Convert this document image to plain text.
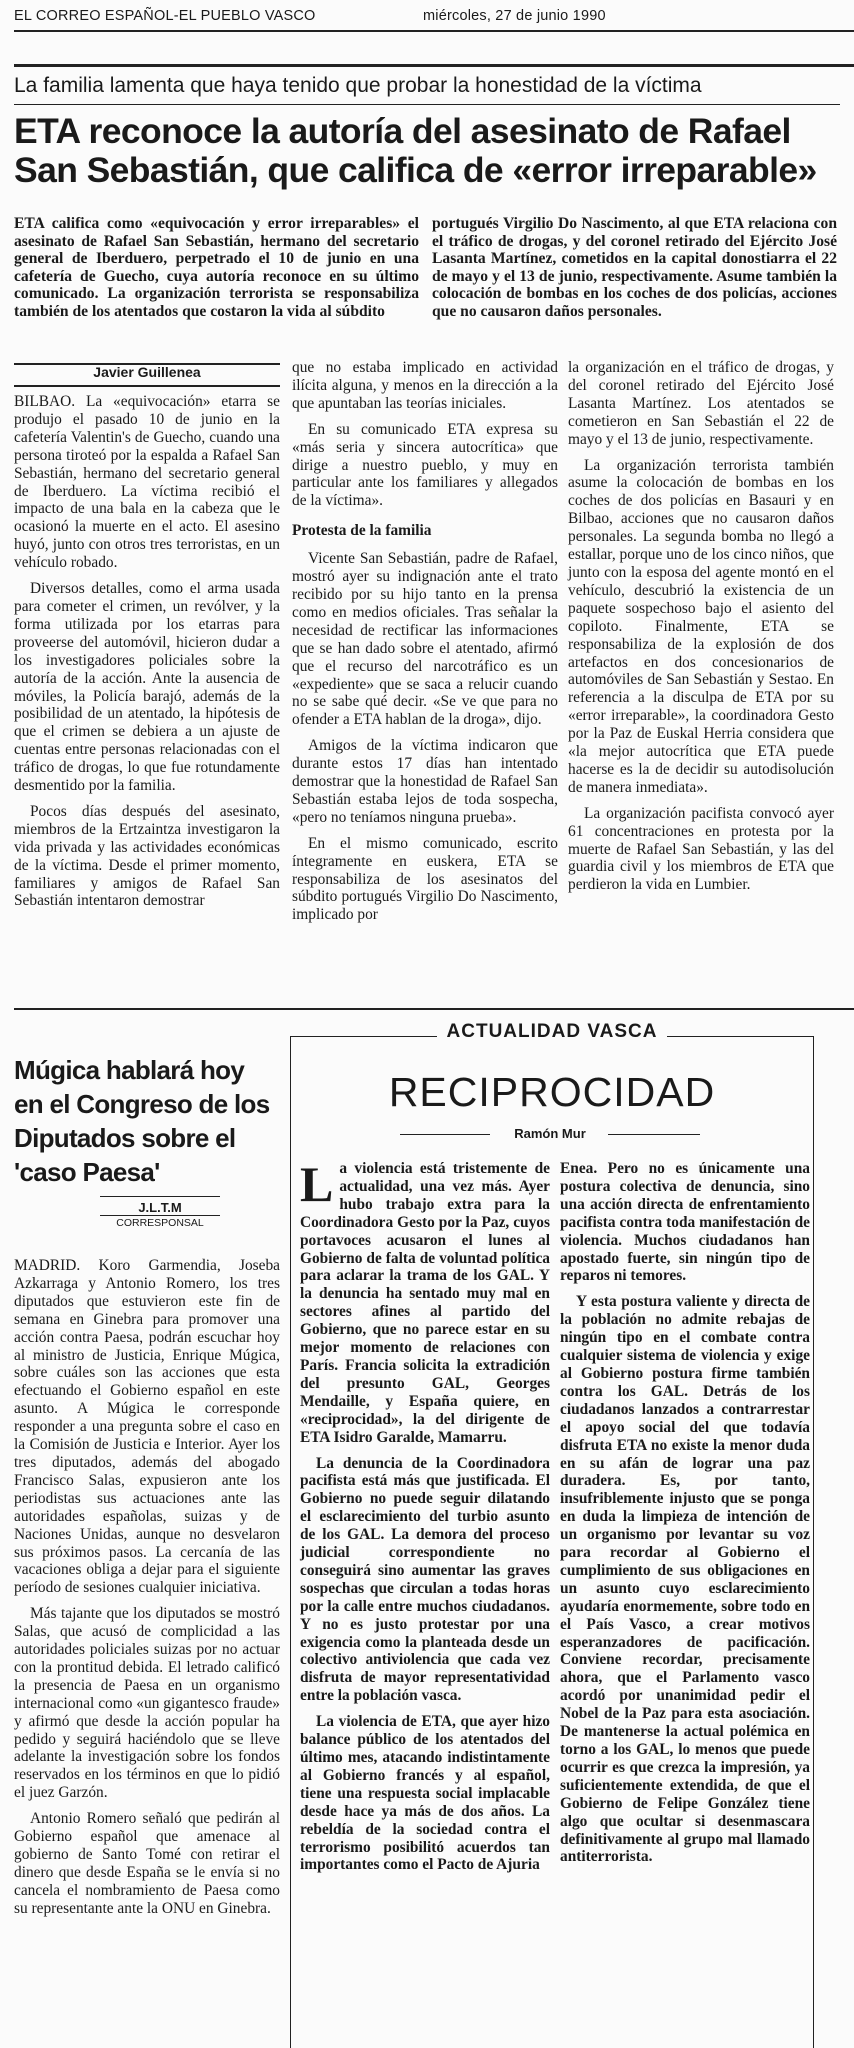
EL CORREO ESPAÑOL-EL PUEBLO VASCO	miércoles, 27 de junio 1990
La familia lamenta que haya tenido que probar la honestidad de la víctima
ETA reconoce la autoría del asesinato de Rafael San Sebastián, que califica de «error irreparable»
ETA califica como «equivocación y error irreparables» el asesinato de Rafael San Sebastián, hermano del secretario general de Iberduero, perpetrado el 10 de junio en una cafetería de Guecho, cuya autoría reconoce en su último comunicado. La organización terrorista se responsabiliza también de los atentados que costaron la vida al súbdito
portugués Virgilio Do Nascimento, al que ETA relaciona con el tráfico de drogas, y del coronel retirado del Ejército José Lasanta Martínez, cometidos en la capital donostiarra el 22 de mayo y el 13 de junio, respectivamente. Asume también la colocación de bombas en los coches de dos policías, acciones que no causaron daños personales.
Javier Guillenea

BILBAO. La «equivocación» etarra se produjo el pasado 10 de junio en la cafetería Valentin's de Guecho, cuando una persona tiroteó por la espalda a Rafael San Sebastián, hermano del secretario general de Iberduero. La víctima recibió el impacto de una bala en la cabeza que le ocasionó la muerte en el acto. El asesino huyó, junto con otros tres terroristas, en un vehículo robado.

Diversos detalles, como el arma usada para cometer el crimen, un revólver, y la forma utilizada por los etarras para proveerse del automóvil, hicieron dudar a los investigadores policiales sobre la autoría de la acción. Ante la ausencia de móviles, la Policía barajó, además de la posibilidad de un atentado, la hipótesis de que el crimen se debiera a un ajuste de cuentas entre personas relacionadas con el tráfico de drogas, lo que fue rotundamente desmentido por la familia.

Pocos días después del asesinato, miembros de la Ertzaintza investigaron la vida privada y las actividades económicas de la víctima. Desde el primer momento, familiares y amigos de Rafael San Sebastián intentaron demostrar

que no estaba implicado en actividad ilícita alguna, y menos en la dirección a la que apuntaban las teorías iniciales.

En su comunicado ETA expresa su «más seria y sincera autocrítica» que dirige a nuestro pueblo, y muy en particular ante los familiares y allegados de la víctima».

Protesta de la familia

Vicente San Sebastián, padre de Rafael, mostró ayer su indignación ante el trato recibido por su hijo tanto en la prensa como en medios oficiales. Tras señalar la necesidad de rectificar las informaciones que se han dado sobre el atentado, afirmó que el recurso del narcotráfico es un «expediente» que se saca a relucir cuando no se sabe qué decir. «Se ve que para no ofender a ETA hablan de la droga», dijo.

Amigos de la víctima indicaron que durante estos 17 días han intentado demostrar que la honestidad de Rafael San Sebastián estaba lejos de toda sospecha, «pero no teníamos ninguna prueba».

En el mismo comunicado, escrito íntegramente en euskera, ETA se responsabiliza de los asesinatos del súbdito portugués Virgilio Do Nascimento, implicado por

la organización en el tráfico de drogas, y del coronel retirado del Ejército José Lasanta Martínez. Los atentados se cometieron en San Sebastián el 22 de mayo y el 13 de junio, respectivamente.

La organización terrorista también asume la colocación de bombas en los coches de dos policías en Basauri y en Bilbao, acciones que no causaron daños personales. La segunda bomba no llegó a estallar, porque uno de los cinco niños, que junto con la esposa del agente montó en el vehículo, descubrió la existencia de un paquete sospechoso bajo el asiento del copiloto. Finalmente, ETA se responsabiliza de la explosión de dos artefactos en dos concesionarios de automóviles de San Sebastián y Sestao. En referencia a la disculpa de ETA por su «error irreparable», la coordinadora Gesto por la Paz de Euskal Herria considera que «la mejor autocrítica que ETA puede hacerse es la de decidir su autodisolución de manera inmediata».

La organización pacifista convocó ayer 61 concentraciones en protesta por la muerte de Rafael San Sebastián, y las del guardia civil y los miembros de ETA que perdieron la vida en Lumbier.

Múgica hablará hoy en el Congreso de los Diputados sobre el 'caso Paesa'
J.L.T.M
CORRESPONSAL

MADRID. Koro Garmendia, Joseba Azkarraga y Antonio Romero, los tres diputados que estuvieron este fin de semana en Ginebra para promover una acción contra Paesa, podrán escuchar hoy al ministro de Justicia, Enrique Múgica, sobre cuáles son las acciones que esta efectuando el Gobierno español en este asunto. A Múgica le corresponde responder a una pregunta sobre el caso en la Comisión de Justicia e Interior. Ayer los tres diputados, además del abogado Francisco Salas, expusieron ante los periodistas sus actuaciones ante las autoridades españolas, suizas y de Naciones Unidas, aunque no desvelaron sus próximos pasos. La cercanía de las vacaciones obliga a dejar para el siguiente período de sesiones cualquier iniciativa.

Más tajante que los diputados se mostró Salas, que acusó de complicidad a las autoridades policiales suizas por no actuar con la prontitud debida. El letrado calificó la presencia de Paesa en un organismo internacional como «un gigantesco fraude» y afirmó que desde la acción popular ha pedido y seguirá haciéndolo que se lleve adelante la investigación sobre los fondos reservados en los términos en que lo pidió el juez Garzón.

Antonio Romero señaló que pedirán al Gobierno español que amenace al gobierno de Santo Tomé con retirar el dinero que desde España se le envía si no cancela el nombramiento de Paesa como su representante ante la ONU en Ginebra.

ACTUALIDAD VASCA
RECIPROCIDAD
Ramón Mur

La violencia está tristemente de actualidad, una vez más. Ayer hubo trabajo extra para la Coordinadora Gesto por la Paz, cuyos portavoces acusaron el lunes al Gobierno de falta de voluntad política para aclarar la trama de los GAL. Y la denuncia ha sentado muy mal en sectores afines al partido del Gobierno, que no parece estar en su mejor momento de relaciones con París. Francia solicita la extradición del presunto GAL, Georges Mendaille, y España quiere, en «reciprocidad», la del dirigente de ETA Isidro Garalde, Mamarru.

La denuncia de la Coordinadora pacifista está más que justificada. El Gobierno no puede seguir dilatando el esclarecimiento del turbio asunto de los GAL. La demora del proceso judicial correspondiente no conseguirá sino aumentar las graves sospechas que circulan a todas horas por la calle entre muchos ciudadanos. Y no es justo protestar por una exigencia como la planteada desde un colectivo antiviolencia que cada vez disfruta de mayor representatividad entre la población vasca.

La violencia de ETA, que ayer hizo balance público de los atentados del último mes, atacando indistintamente al Gobierno francés y al español, tiene una respuesta social implacable desde hace ya más de dos años. La rebeldía de la sociedad contra el terrorismo posibilitó acuerdos tan importantes como el Pacto de Ajuria

Enea. Pero no es únicamente una postura colectiva de denuncia, sino una acción directa de enfrentamiento pacifista contra toda manifestación de violencia. Muchos ciudadanos han apostado fuerte, sin ningún tipo de reparos ni temores.

Y esta postura valiente y directa de la población no admite rebajas de ningún tipo en el combate contra cualquier sistema de violencia y exige al Gobierno postura firme también contra los GAL. Detrás de los ciudadanos lanzados a contrarrestar el apoyo social del que todavía disfruta ETA no existe la menor duda en su afán de lograr una paz duradera. Es, por tanto, insufriblemente injusto que se ponga en duda la limpieza de intención de un organismo por levantar su voz para recordar al Gobierno el cumplimiento de sus obligaciones en un asunto cuyo esclarecimiento ayudaría enormemente, sobre todo en el País Vasco, a crear motivos esperanzadores de pacificación. Conviene recordar, precisamente ahora, que el Parlamento vasco acordó por unanimidad pedir el Nobel de la Paz para esta asociación. De mantenerse la actual polémica en torno a los GAL, lo menos que puede ocurrir es que crezca la impresión, ya suficientemente extendida, de que el Gobierno de Felipe González tiene algo que ocultar si desenmascara definitivamente al grupo mal llamado antiterrorista.
